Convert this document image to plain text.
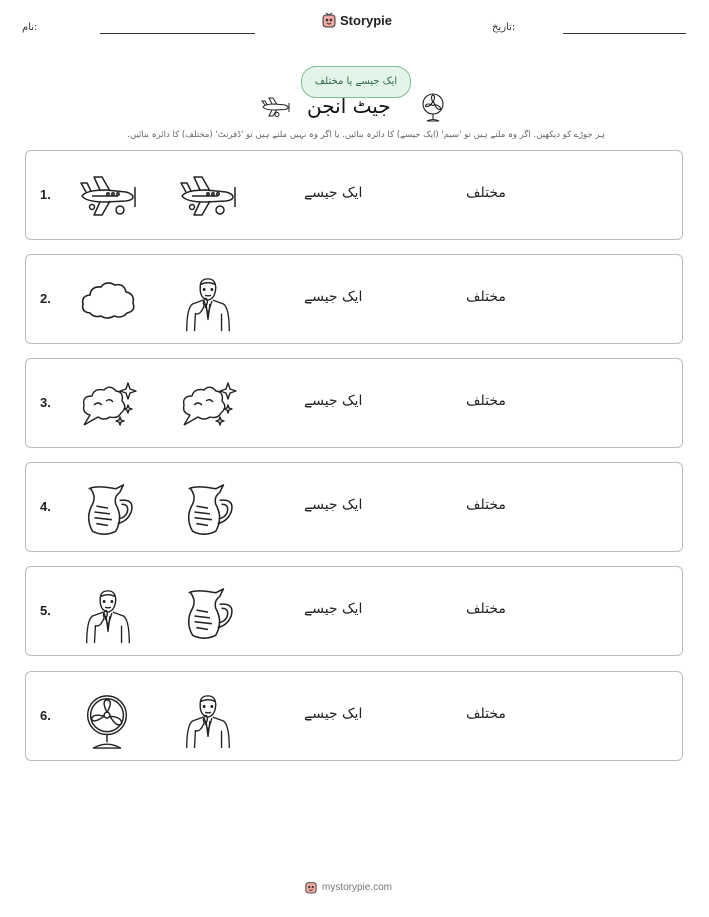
نام:	Storypie	تاریخ:
ایک جیسے یا مختلف
جیٹ انجن
ہر جوڑے کو دیکھیں. اگر وہ ملتے ہیں تو 'سیم' (ایک جیسے) کا دائرہ بنائیں. یا اگر وہ نہیں ملتے ہیں تو 'ڈفرنٹ' (مختلف) کا دائرہ بنائیں.
1.	ایک جیسے	مختلف
2.	ایک جیسے	مختلف
3.	ایک جیسے	مختلف
4.	ایک جیسے	مختلف
5.	ایک جیسے	مختلف
6.	ایک جیسے	مختلف
mystorypie.com
